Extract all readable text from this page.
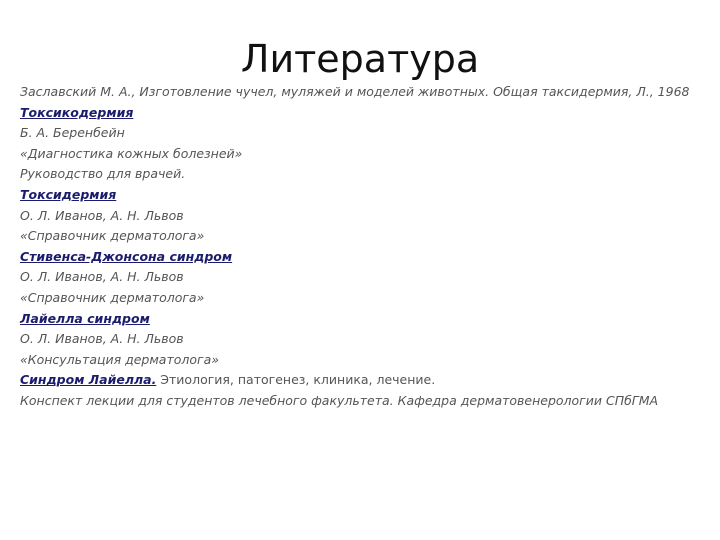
Литература
Заславский М. А., Изготовление чучел, муляжей и моделей животных. Общая таксидермия, Л., 1968
Токсикодермия
Б. А. Беренбейн
«Диагностика кожных болезней»
Руководство для врачей.
Токсидермия
О. Л. Иванов, А. Н. Львов
«Справочник дерматолога»
Стивенса-Джонсона синдром
О. Л. Иванов, А. Н. Львов
«Справочник дерматолога»
Лайелла синдром
О. Л. Иванов, А. Н. Львов
«Консультация дерматолога»
Синдром Лайелла. Этиология, патогенез, клиника, лечение.
Конспект лекции для студентов лечебного факультета. Кафедра дерматовенерологии СПбГМА
